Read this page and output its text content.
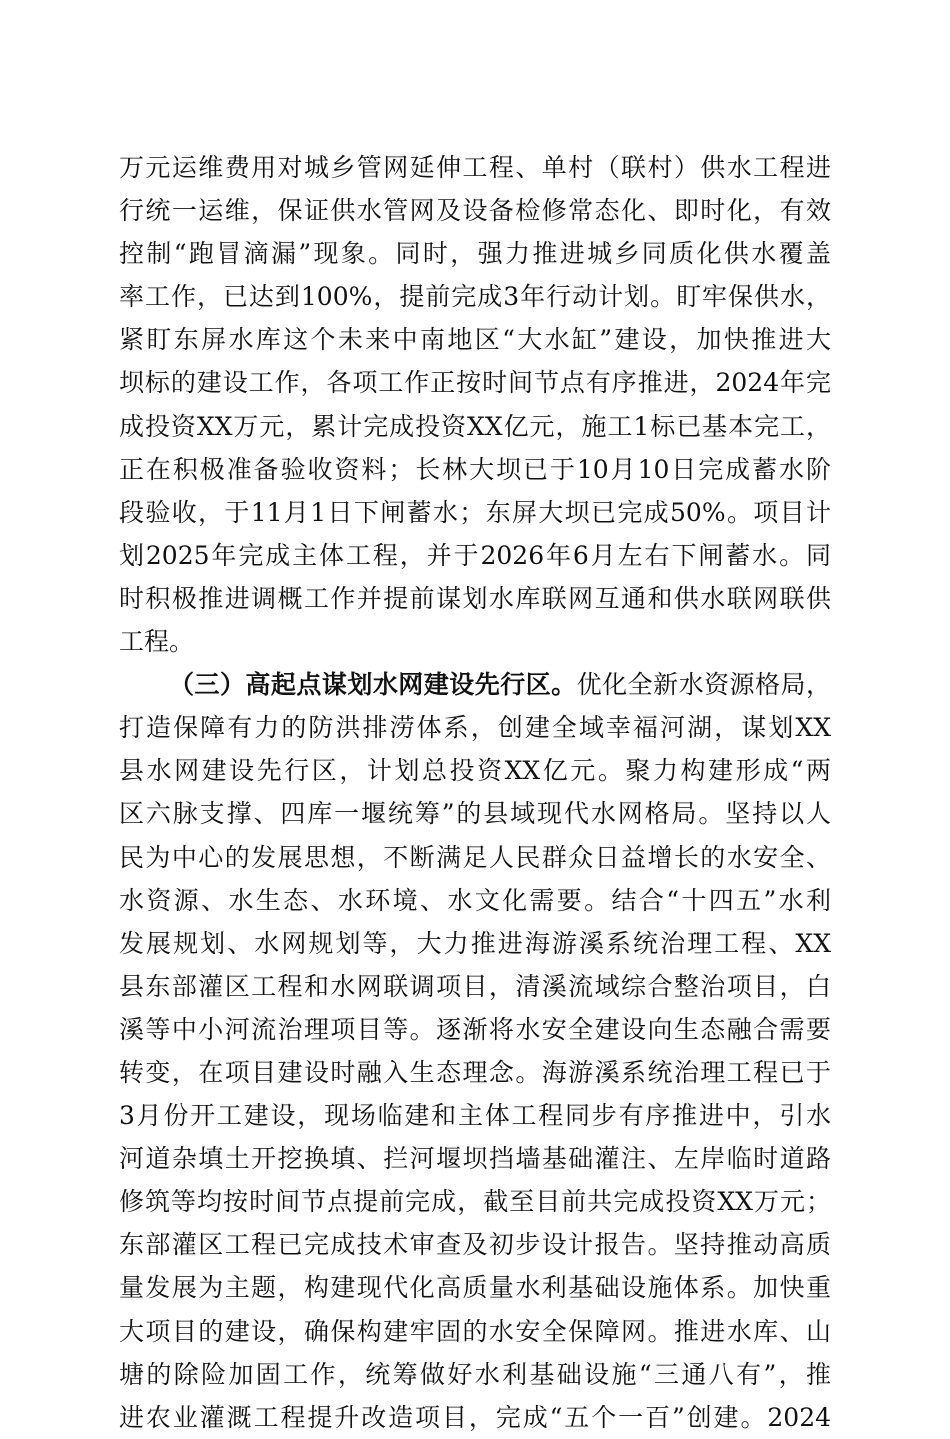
万元运维费用对城乡管网延伸工程、单村（联村）供水工程进
行统一运维，保证供水管网及设备检修常态化、即时化，有效
控制“跑冒滴漏”现象。同时，强力推进城乡同质化供水覆盖
率工作，已达到100%，提前完成3年行动计划。盯牢保供水，
紧盯东屏水库这个未来中南地区“大水缸”建设，加快推进大
坝标的建设工作，各项工作正按时间节点有序推进，2024年完
成投资XX万元，累计完成投资XX亿元，施工1标已基本完工，
正在积极准备验收资料；长林大坝已于10月10日完成蓄水阶
段验收，于11月1日下闸蓄水；东屏大坝已完成50%。项目计
划2025年完成主体工程，并于2026年6月左右下闸蓄水。同
时积极推进调概工作并提前谋划水库联网互通和供水联网联供
工程。
（三）高起点谋划水网建设先行区。优化全新水资源格局，
打造保障有力的防洪排涝体系，创建全域幸福河湖，谋划XX
县水网建设先行区，计划总投资XX亿元。聚力构建形成“两
区六脉支撑、四库一堰统筹”的县域现代水网格局。坚持以人
民为中心的发展思想，不断满足人民群众日益增长的水安全、
水资源、水生态、水环境、水文化需要。结合“十四五”水利
发展规划、水网规划等，大力推进海游溪系统治理工程、XX
县东部灌区工程和水网联调项目，清溪流域综合整治项目，白
溪等中小河流治理项目等。逐渐将水安全建设向生态融合需要
转变，在项目建设时融入生态理念。海游溪系统治理工程已于
3月份开工建设，现场临建和主体工程同步有序推进中，引水
河道杂填土开挖换填、拦河堰坝挡墙基础灌注、左岸临时道路
修筑等均按时间节点提前完成，截至目前共完成投资XX万元；
东部灌区工程已完成技术审查及初步设计报告。坚持推动高质
量发展为主题，构建现代化高质量水利基础设施体系。加快重
大项目的建设，确保构建牢固的水安全保障网。推进水库、山
塘的除险加固工作，统筹做好水利基础设施“三通八有”，推
进农业灌溉工程提升改造项目，完成“五个一百”创建。2024
